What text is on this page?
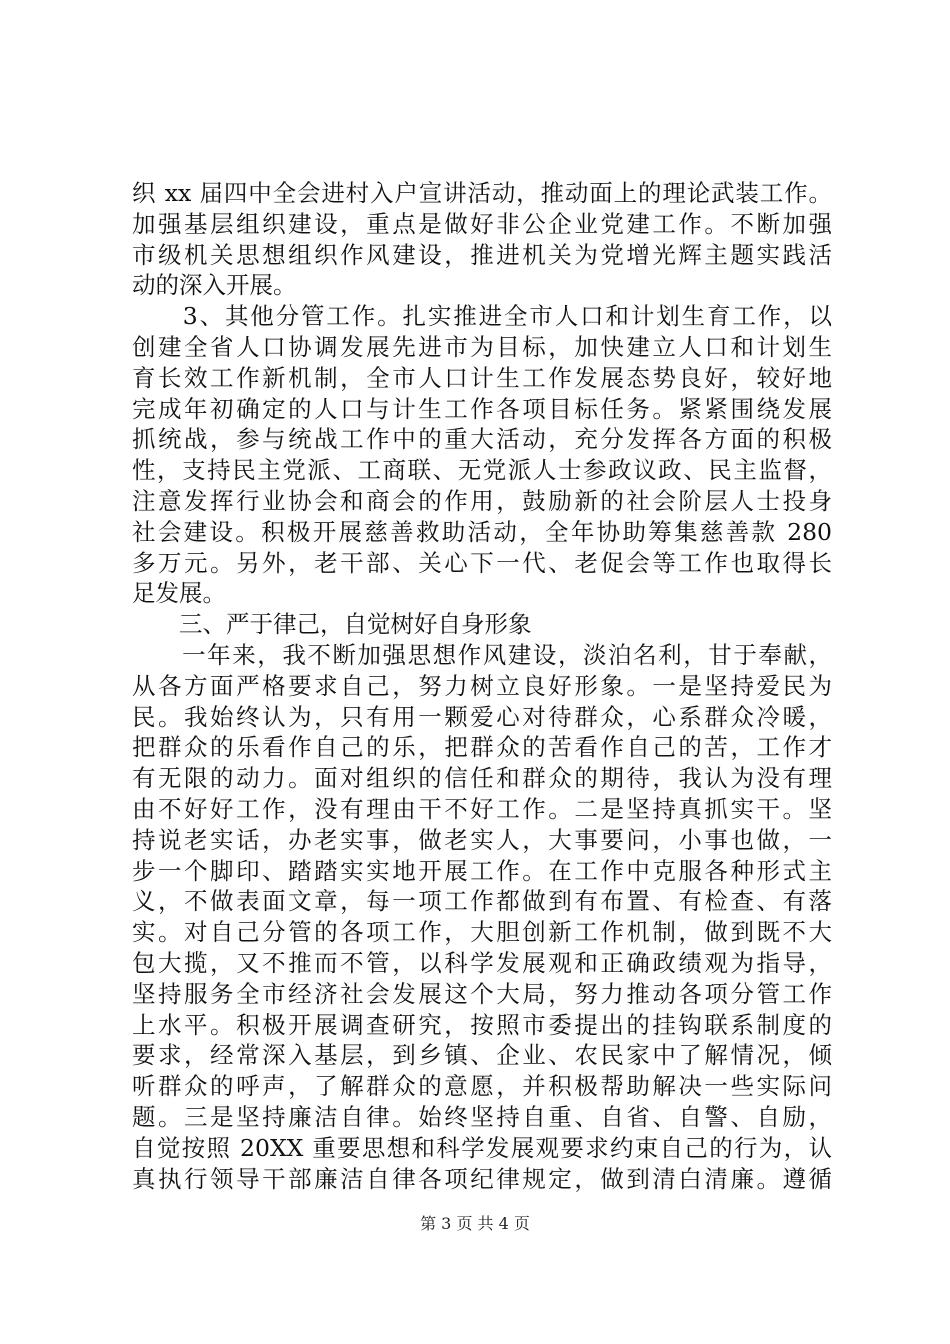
织 xx 届四中全会进村入户宣讲活动，推动面上的理论武装工作。
加强基层组织建设，重点是做好非公企业党建工作。不断加强
市级机关思想组织作风建设，推进机关为党增光辉主题实践活
动的深入开展。
　　3、其他分管工作。扎实推进全市人口和计划生育工作，以
创建全省人口协调发展先进市为目标，加快建立人口和计划生
育长效工作新机制，全市人口计生工作发展态势良好，较好地
完成年初确定的人口与计生工作各项目标任务。紧紧围绕发展
抓统战，参与统战工作中的重大活动，充分发挥各方面的积极
性，支持民主党派、工商联、无党派人士参政议政、民主监督，
注意发挥行业协会和商会的作用，鼓励新的社会阶层人士投身
社会建设。积极开展慈善救助活动，全年协助筹集慈善款 280
多万元。另外，老干部、关心下一代、老促会等工作也取得长
足发展。
　　三、严于律己，自觉树好自身形象
　　一年来，我不断加强思想作风建设，淡泊名利，甘于奉献，
从各方面严格要求自己，努力树立良好形象。一是坚持爱民为
民。我始终认为，只有用一颗爱心对待群众，心系群众冷暖，
把群众的乐看作自己的乐，把群众的苦看作自己的苦，工作才
有无限的动力。面对组织的信任和群众的期待，我认为没有理
由不好好工作，没有理由干不好工作。二是坚持真抓实干。坚
持说老实话，办老实事，做老实人，大事要问，小事也做，一
步一个脚印、踏踏实实地开展工作。在工作中克服各种形式主
义，不做表面文章，每一项工作都做到有布置、有检查、有落
实。对自己分管的各项工作，大胆创新工作机制，做到既不大
包大揽，又不推而不管，以科学发展观和正确政绩观为指导，
坚持服务全市经济社会发展这个大局，努力推动各项分管工作
上水平。积极开展调查研究，按照市委提出的挂钩联系制度的
要求，经常深入基层，到乡镇、企业、农民家中了解情况，倾
听群众的呼声，了解群众的意愿，并积极帮助解决一些实际问
题。三是坚持廉洁自律。始终坚持自重、自省、自警、自励，
自觉按照 20XX 重要思想和科学发展观要求约束自己的行为，认
真执行领导干部廉洁自律各项纪律规定，做到清白清廉。遵循
第 3 页 共 4 页
